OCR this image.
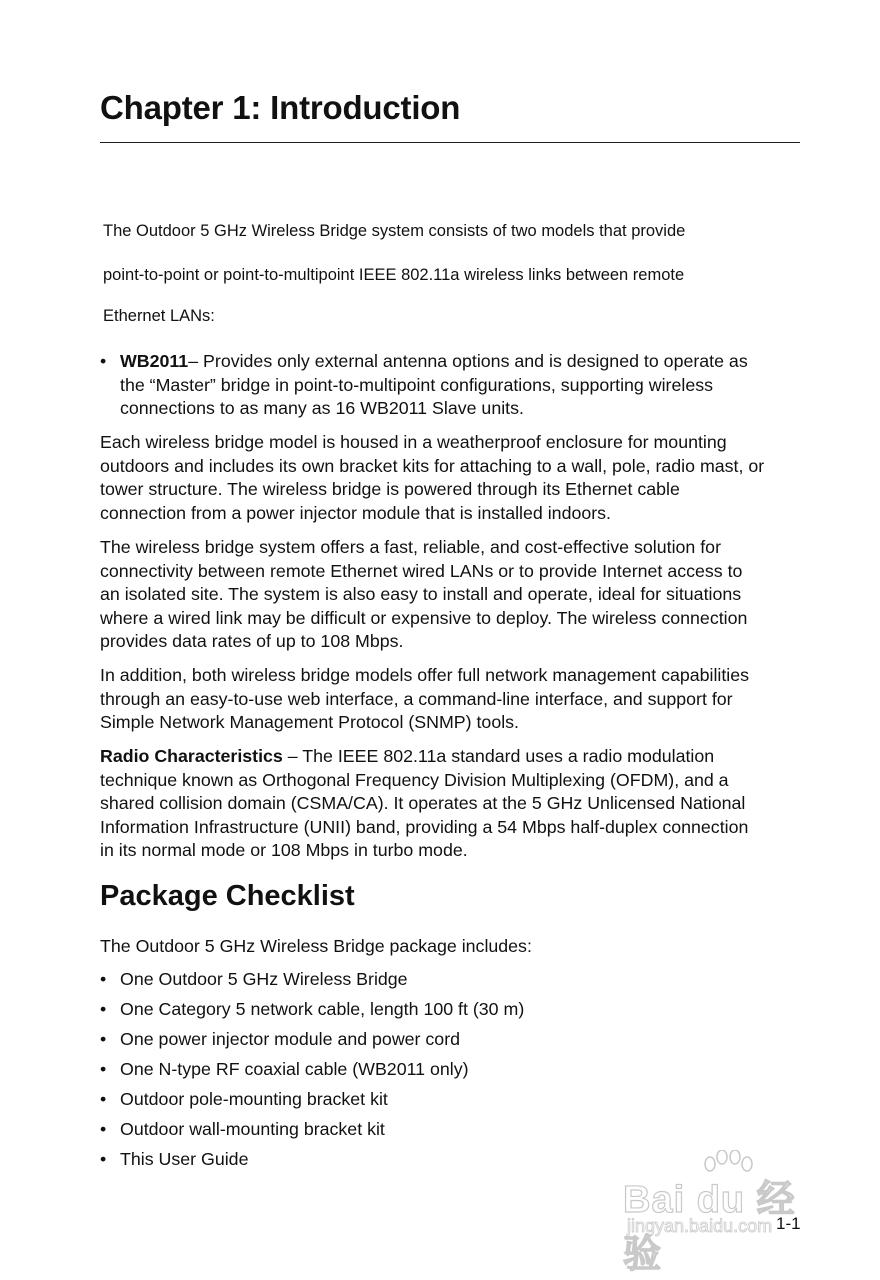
Chapter 1: Introduction

The Outdoor 5 GHz Wireless Bridge system consists of two models that provide

point-to-point or point-to-multipoint IEEE 802.11a wireless links between remote

Ethernet LANs:

• WB2011– Provides only external antenna options and is designed to operate as
the “Master” bridge in point-to-multipoint configurations, supporting wireless
connections to as many as 16 WB2011 Slave units.
Each wireless bridge model is housed in a weatherproof enclosure for mounting
outdoors and includes its own bracket kits for attaching to a wall, pole, radio mast, or
tower structure. The wireless bridge is powered through its Ethernet cable
connection from a power injector module that is installed indoors.
The wireless bridge system offers a fast, reliable, and cost-effective solution for
connectivity between remote Ethernet wired LANs or to provide Internet access to
an isolated site. The system is also easy to install and operate, ideal for situations
where a wired link may be difficult or expensive to deploy. The wireless connection
provides data rates of up to 108 Mbps.
In addition, both wireless bridge models offer full network management capabilities
through an easy-to-use web interface, a command-line interface, and support for
Simple Network Management Protocol (SNMP) tools.
Radio Characteristics – The IEEE 802.11a standard uses a radio modulation
technique known as Orthogonal Frequency Division Multiplexing (OFDM), and a
shared collision domain (CSMA/CA). It operates at the 5 GHz Unlicensed National
Information Infrastructure (UNII) band, providing a 54 Mbps half-duplex connection
in its normal mode or 108 Mbps in turbo mode.
Package Checklist

The Outdoor 5 GHz Wireless Bridge package includes:

• One Outdoor 5 GHz Wireless Bridge
• One Category 5 network cable, length 100 ft (30 m)
• One power injector module and power cord
• One N-type RF coaxial cable (WB2011 only)
• Outdoor pole-mounting bracket kit
• Outdoor wall-mounting bracket kit
• This User Guide
Bai du 经验
jingyan.baidu.com 1-1
